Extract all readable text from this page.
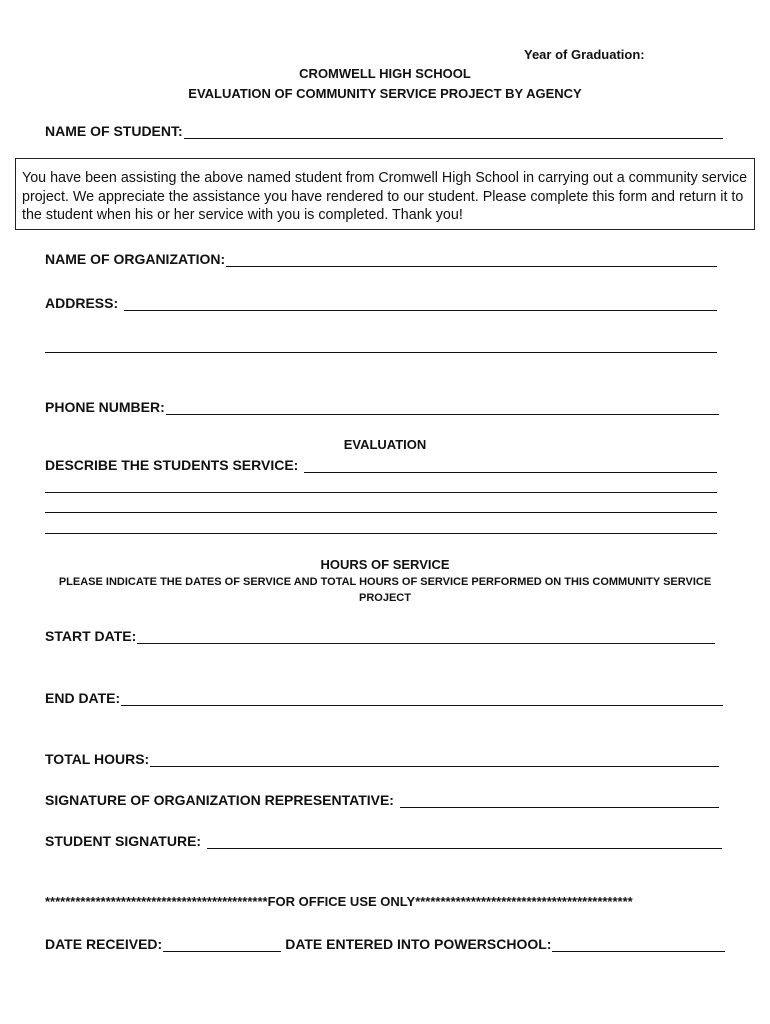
Year of Graduation:
CROMWELL HIGH SCHOOL
EVALUATION OF COMMUNITY SERVICE PROJECT BY AGENCY
NAME OF STUDENT:
You have been assisting the above named student from Cromwell High School in carrying out a community service project. We appreciate the assistance you have rendered to our student. Please complete this form and return it to the student when his or her service with you is completed. Thank you!
NAME OF ORGANIZATION:
ADDRESS:
PHONE NUMBER:
EVALUATION
DESCRIBE THE STUDENTS SERVICE:
HOURS OF SERVICE
PLEASE INDICATE THE DATES OF SERVICE AND TOTAL HOURS OF SERVICE PERFORMED ON THIS COMMUNITY SERVICE
PROJECT
START DATE:
END DATE:
TOTAL HOURS:
SIGNATURE OF ORGANIZATION REPRESENTATIVE:
STUDENT SIGNATURE:
********************************************FOR OFFICE USE ONLY*******************************************
DATE RECEIVED:	DATE ENTERED INTO POWERSCHOOL:
